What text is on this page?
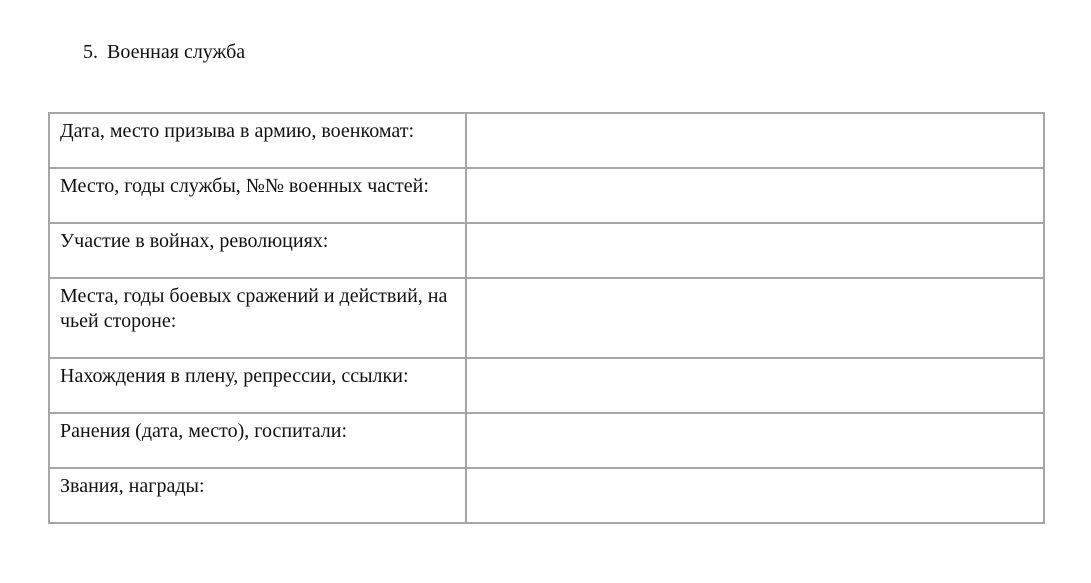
5. Военная служба
Дата, место призыва в армию, военкомат:	
Место, годы службы, №№ военных частей:	
Участие в войнах, революциях:	
Места, годы боевых сражений и действий, на чьей стороне:	
Нахождения в плену, репрессии, ссылки:	
Ранения (дата, место), госпитали:	
Звания, награды:	
